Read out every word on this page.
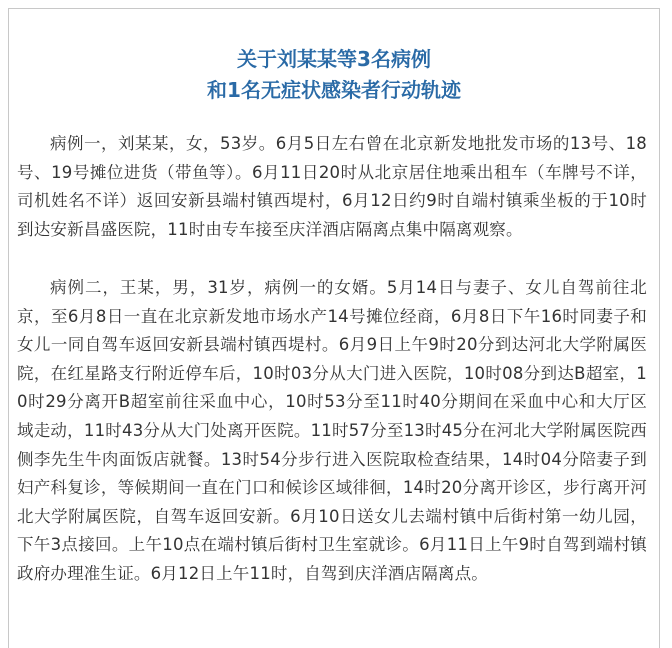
关于刘某某等3名病例
和1名无症状感染者行动轨迹

病例一，刘某某，女，53岁。6月5日左右曾在北京新发地批发市场的13号、18号、19号摊位进货（带鱼等）。6月11日20时从北京居住地乘出租车（车牌号不详，司机姓名不详）返回安新县端村镇西堤村，6月12日约9时自端村镇乘坐板的于10时到达安新昌盛医院，11时由专车接至庆洋酒店隔离点集中隔离观察。

病例二，王某，男，31岁，病例一的女婿。5月14日与妻子、女儿自驾前往北京，至6月8日一直在北京新发地市场水产14号摊位经商，6月8日下午16时同妻子和女儿一同自驾车返回安新县端村镇西堤村。6月9日上午9时20分到达河北大学附属医院，在红星路支行附近停车后，10时03分从大门进入医院，10时08分到达B超室，10时29分离开B超室前往采血中心，10时53分至11时40分期间在采血中心和大厅区域走动，11时43分从大门处离开医院。11时57分至13时45分在河北大学附属医院西侧李先生牛肉面饭店就餐。13时54分步行进入医院取检查结果，14时04分陪妻子到妇产科复诊，等候期间一直在门口和候诊区域徘徊，14时20分离开诊区，步行离开河北大学附属医院，自驾车返回安新。6月10日送女儿去端村镇中后街村第一幼儿园，下午3点接回。上午10点在端村镇后街村卫生室就诊。6月11日上午9时自驾到端村镇政府办理准生证。6月12日上午11时，自驾到庆洋酒店隔离点。
